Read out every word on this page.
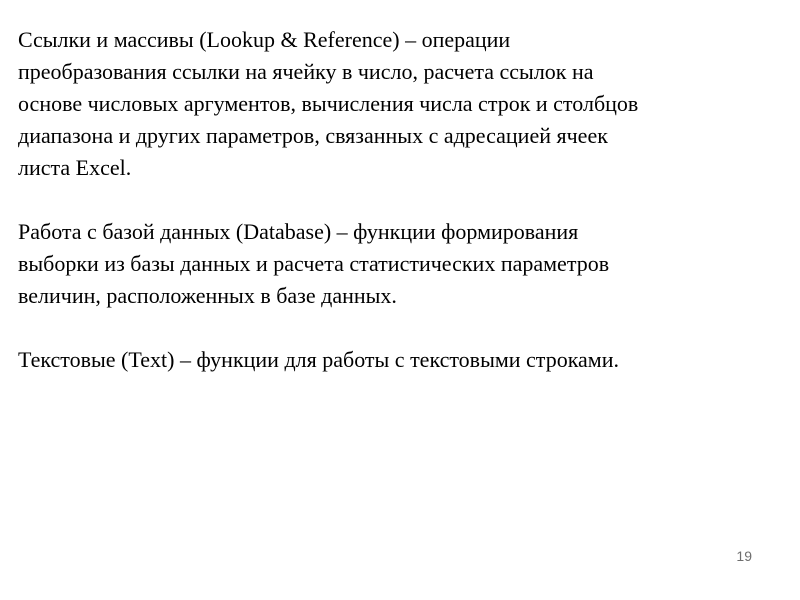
Ссылки и массивы (Lookup & Reference) – операции
преобразования ссылки на ячейку в число, расчета ссылок на
основе числовых аргументов, вычисления числа строк и столбцов
диапазона и других параметров, связанных с адресацией ячеек
листа Excel.

Работа с базой данных (Database) – функции формирования
выборки из базы данных и расчета статистических параметров
величин, расположенных в базе данных.

Текстовые (Text) – функции для работы с текстовыми строками.

19
